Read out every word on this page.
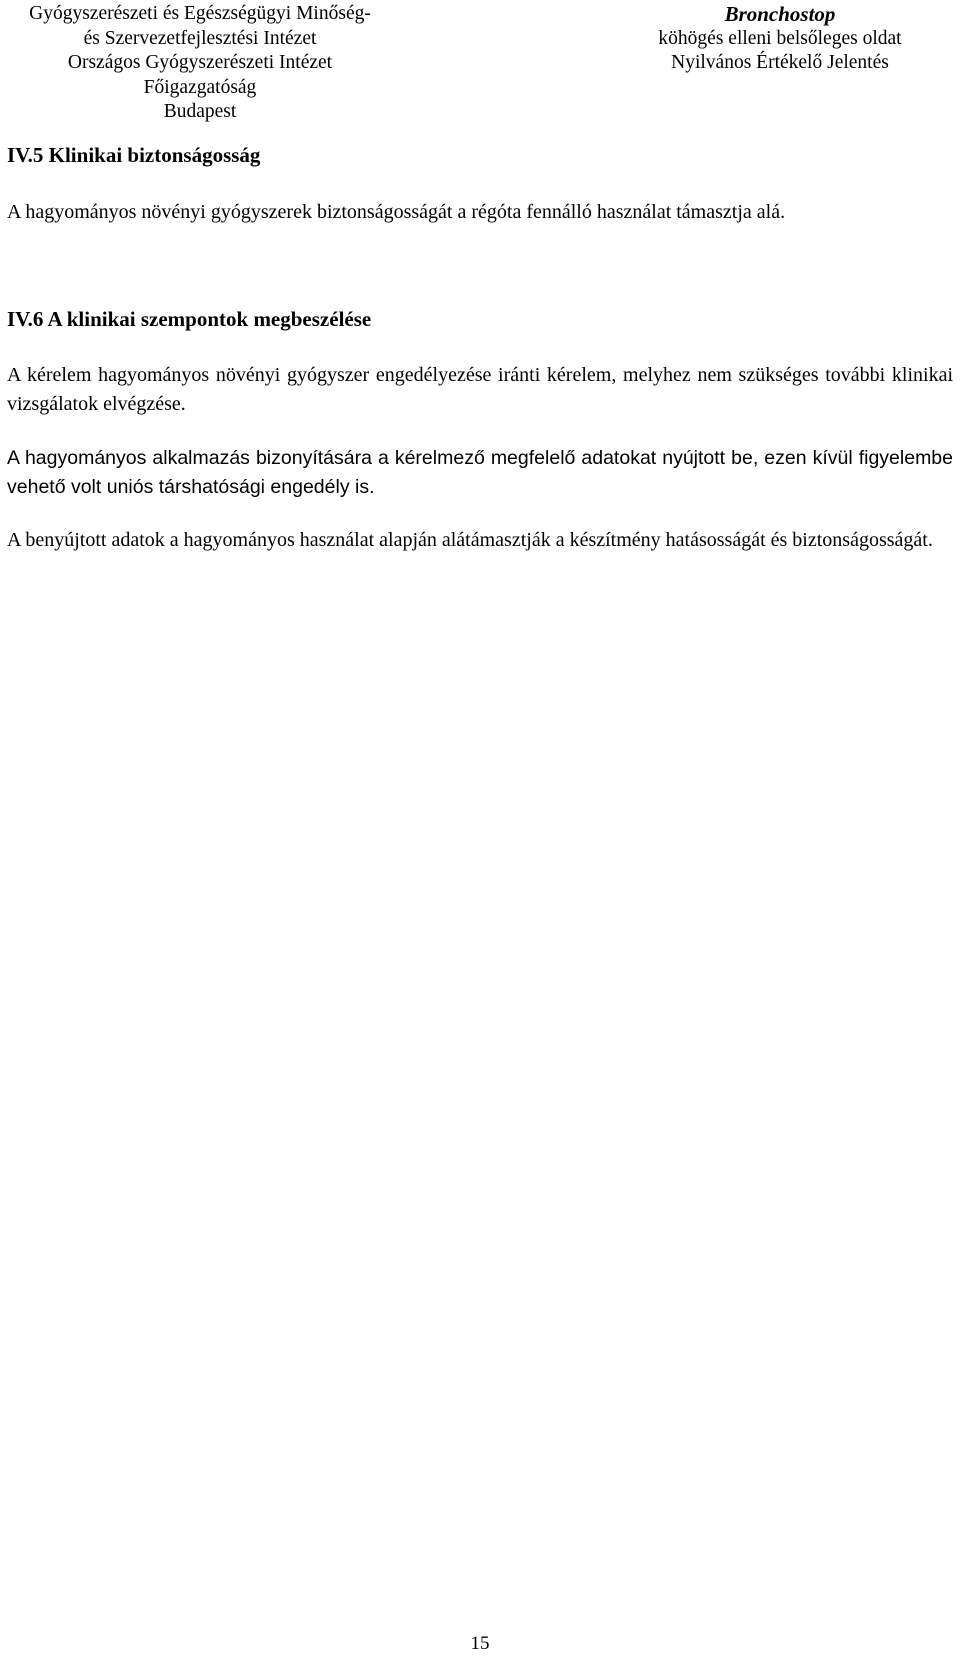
Gyógyszerészeti és Egészségügyi Minőség-
és Szervezetfejlesztési Intézet
Országos Gyógyszerészeti Intézet
Főigazgatóság
Budapest
Bronchostop
köhögés elleni belsőleges oldat
Nyilvános Értékelő Jelentés
IV.5 Klinikai biztonságosság
A hagyományos növényi gyógyszerek biztonságosságát a régóta fennálló használat támasztja alá.
IV.6 A klinikai szempontok megbeszélése
A kérelem hagyományos növényi gyógyszer engedélyezése iránti kérelem, melyhez nem szükséges további klinikai vizsgálatok elvégzése.
A hagyományos alkalmazás bizonyítására a kérelmező megfelelő adatokat nyújtott be, ezen kívül figyelembe vehető volt uniós társhatósági engedély is.
A benyújtott adatok a hagyományos használat alapján alátámasztják a készítmény hatásosságát és biztonságosságát.
15
